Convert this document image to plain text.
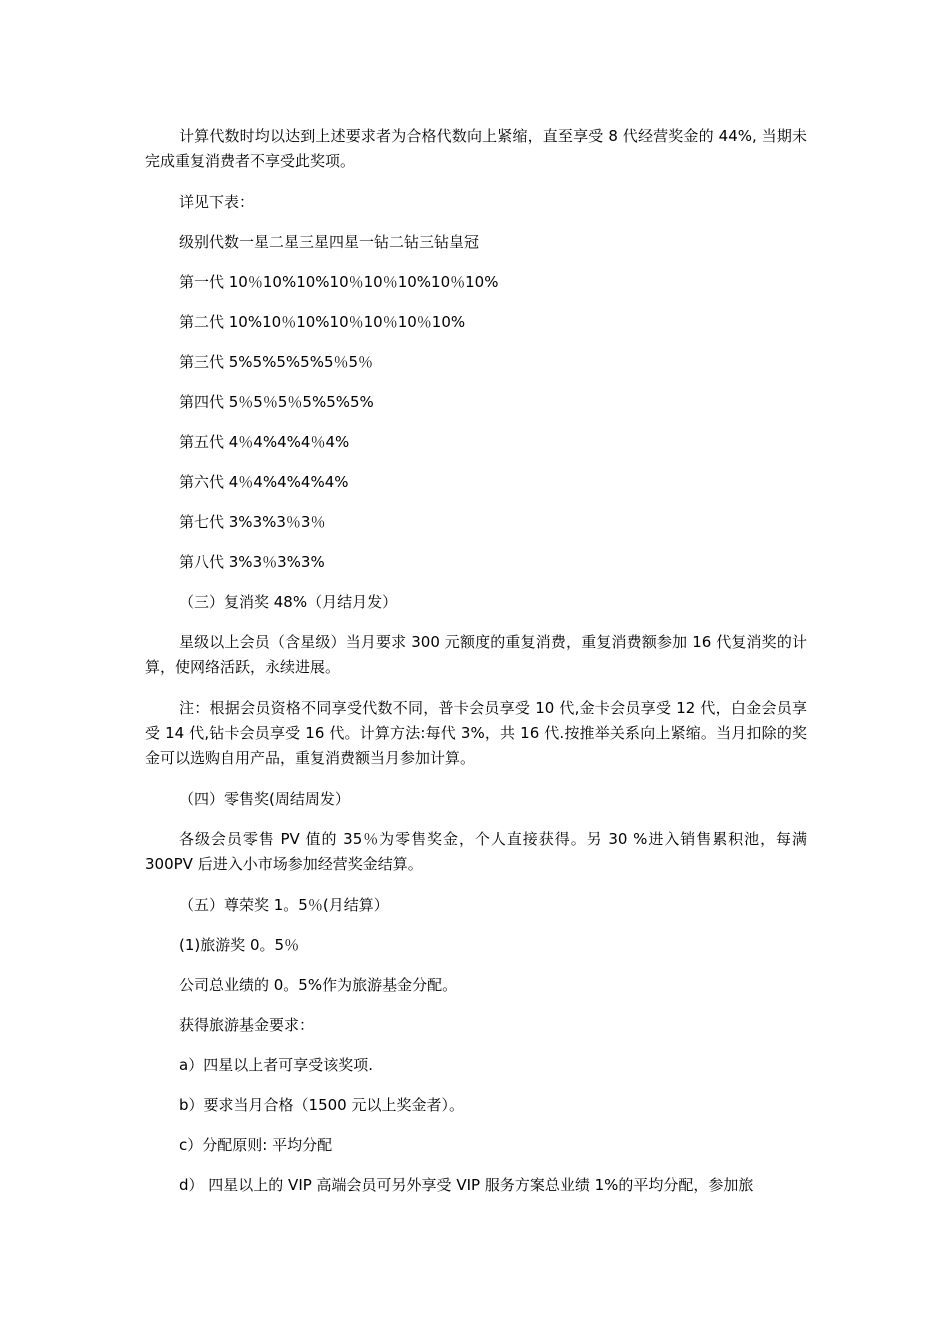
计算代数时均以达到上述要求者为合格代数向上紧缩，直至享受 8 代经营奖金的 44%, 当期未完成重复消费者不享受此奖项。

详见下表：

级别代数一星二星三星四星一钻二钻三钻皇冠

第一代 10％10%10%10％10％10%10％10%

第二代 10%10％10%10％10％10％10%

第三代 5%5%5%5%5％5％

第四代 5％5％5％5%5%5%

第五代 4％4%4%4％4%

第六代 4％4%4%4%4%

第七代 3%3%3％3％

第八代 3%3％3%3%

（三）复消奖 48%（月结月发）

星级以上会员（含星级）当月要求 300 元额度的重复消费，重复消费额参加 16 代复消奖的计算，使网络活跃，永续进展。

注：根据会员资格不同享受代数不同，普卡会员享受 10 代,金卡会员享受 12 代，白金会员享受 14 代,钻卡会员享受 16 代。计算方法:每代 3%，共 16 代.按推举关系向上紧缩。当月扣除的奖金可以选购自用产品，重复消费额当月参加计算。

（四）零售奖(周结周发）

各级会员零售 PV 值的 35％为零售奖金，个人直接获得。另 30 %进入销售累积池，每满 300PV 后进入小市场参加经营奖金结算。

（五）尊荣奖 1。5％(月结算）

(1)旅游奖 0。5％

公司总业绩的 0。5%作为旅游基金分配。

获得旅游基金要求：

a）四星以上者可享受该奖项.

b）要求当月合格（1500 元以上奖金者）。

c）分配原则: 平均分配

d） 四星以上的 VIP 高端会员可另外享受 VIP 服务方案总业绩 1%的平均分配，参加旅
